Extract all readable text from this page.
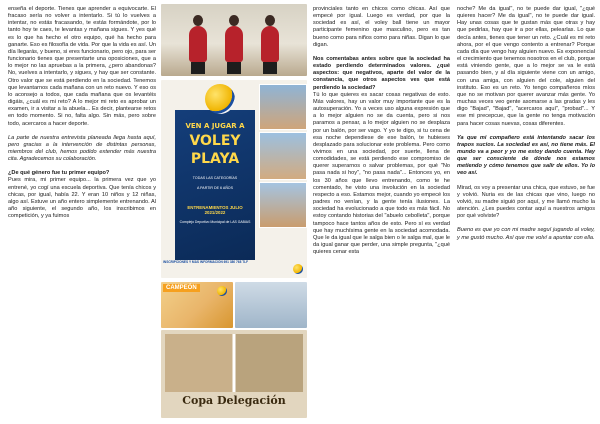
enseña el deporte. Tienes que aprender a equivocarte. El fracaso sería no volver a intentarlo. Si tú lo vuelves a intentar, no estás fracasando, te estás formándote, por lo tanto hoy te caes, te levantas y mañana sigues. Y yes qué es lo que ha hecho el otro equipo, qué ha hecho para ganarte. Eso es filosofía de vida. Por que la vida es así. Un día llegarás, y bueno, si eres funcionario, pero ojo, para ser funcionario tienes que presentarte una oposiciones, que a lo mejor no las apruebas a la primera, ¿pero abandonas? No, vuelves a intentarlo, y sigues, y hay que ser constante. Otro valor que se está perdiendo en la sociedad. Tenemos que levantarnos cada mañana con un reto nuevo. Y eso os lo aconsejo a todos, que cada mañana que os levantéis digáis, ¿cuál es mi reto? A lo mejor mi reto es aprobar un examen, ir a visitar a la abuela... Es decir, plantearse retos en todo momento. Si no, falta algo. Sin más, pero sobre todo, acercaros a hacer deporte.

La parte de nuestra entrevista planeada llega hasta aquí, pero gracias a la intervención de distintas personas, miembros del club, hemos podido extender más nuestra cita. Agradecemos su colaboración.

¿De qué género fue tu primer equipo?

Pues mira, mi primer equipo... la primera vez que yo entrené, yo cogí una escuela deportiva. Que tenía chicos y chicas, por igual, había 22. Y eran 10 niños y 12 niñas, algo así. Estuve un año entero simplemente entrenando. Al año siguiente, el segundo año, los inscribimos en competición, y ya fuimos

VEN A JUGAR A
VOLEY
PLAYA
TODAS LAS CATEGORÍAS
A PARTIR DE 6 AÑOS
ENTRENAMIENTOS JULIO 2021/2022
Complejo Deportivo Municipal de LAS GABIAS
INSCRIPCIONES Y MÁS INFORMACIÓN 691 380 768 TLF
CAMPEÓN
Copa Delegación

provinciales tanto en chicos como chicas. Así que empecé por igual. Luego es verdad, por que la sociedad es así, el voley ball tiene un mayor participante femenino que masculino, pero es tan bueno como para niños como para niñas. Digan lo que digan.

Nos comentabas antes sobre que la sociedad ha estado perdiendo determinados valores. ¿qué aspectos: que negativos, aparte del valor de la constancia, que otros aspectos ves que está perdiendo la sociedad?

Tú lo que quieres es sacar cosas negativas de esto. Más valores, hay un valor muy importante que es la autosuperación. Yo a veces uso alguna expresión que a lo mejor alguien no se da cuenta, pero si nos paramos a pensar, a lo mejor alguien no se desplaza por un balón, por ser vago. Y yo te digo, si tu cena de esa noche dependiese de ese balón, te hubieses desplazado para solucionar este problema. Pero como vivimos en una sociedad, por suerte, llena de comodidades, se está perdiendo ese compromiso de querer superarnos o salvar problemas, por qué "No pasa nada si hoy", "no pasa nada"... Entonces yo, en los 30 años que llevo entrenando, como te he comentado, he visto una involución en la sociedad respecto a eso. Estamos mejor, cuando yo empecé los padres no venían, y la gente tenía ilusiones. La sociedad ha evolucionado a que todo es más fácil. No estoy contando historias del "abuelo cebolleta", porque tampoco hace tantos años de esto. Pero sí es verdad que hay muchísima gente en la sociedad acomodada. Que le da igual que le salga bien o le salga mal, que le da igual ganar que perder, una simple pregunta, "¿qué quieres cenar esta

noche? Me da igual", no te puede dar igual, "¿qué quieres hacer? Me da igual", no te puede dar igual. Hay unas cosas que te gustan más que otras y hay que pedirlas, hay que ir a por ellas, pelearlas. Lo que decía antes, tienes que tener un reto. ¿Cuál es mi reto ahora, por el que vengo contento a entrenar? Porque cada día que vengo hay alguien nuevo. Es exponencial el crecimiento que tenemos nosotros en el club, porque está viniendo gente, que a lo mejor se va le está pasando bien, y al día siguiente viene con un amigo, con una amiga, con alguien del cole, alguien del instituto. Eso es un reto. Yo tengo compañeros míos que no se motivan por querer avanzar más gente. Yo muchas veces veo gente asomarse a las gradas y les digo "Bajad", "Bajad", "acercaros aquí", "probad"... Y ese mi precepcue, que la gente no tenga motivación para hacer cosas nuevas, cosas diferentes.

Ya que mi compañero está intentando sacar los trapos sucios. La sociedad es así, no tiene más. El mundo va a peor y yo me estoy dando cuenta. Hay que ser consciente de dónde nos estamos metiendo y cómo tenemos que salir de ellos. Yo lo veo así.

Mirad, os voy a presentar una chica, que estuvo, se fue y volvió. Nuria es de las chicas que vino, luego no volvió, su madre siguió por aquí, y me llamó mucho la atención. ¿Les puedes contar aquí a nuestros amigos por qué volviste?

Bueno es que yo con mi madre seguí jugando al voley, y me gustó mucho. Así que me volví a apuntar con ella.
